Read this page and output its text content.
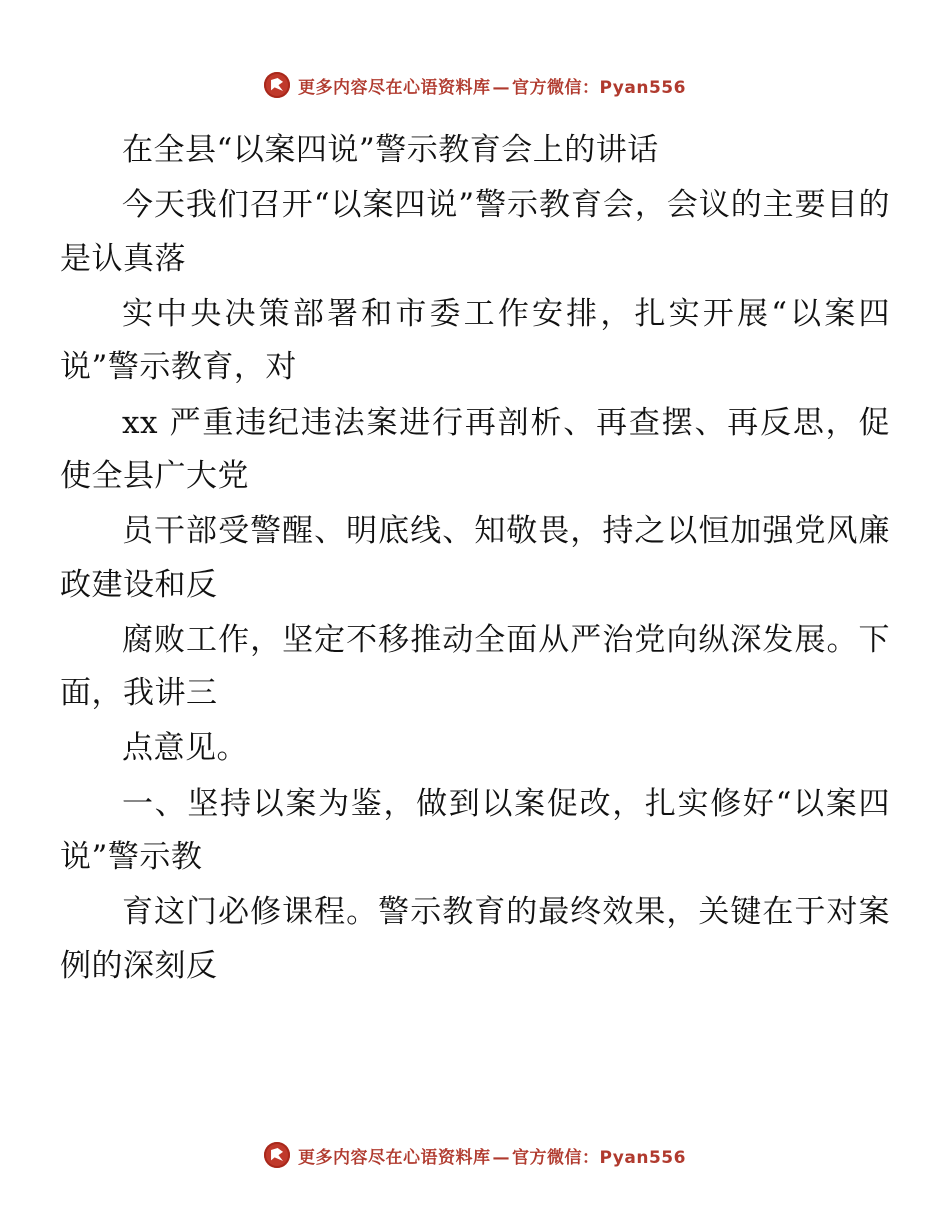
更多内容尽在心语资料库 — 官方微信：Pyan556

在全县“以案四说”警示教育会上的讲话

今天我们召开“以案四说”警示教育会，会议的主要目的是认真落

实中央决策部署和市委工作安排，扎实开展“以案四说”警示教育，对

xx 严重违纪违法案进行再剖析、再查摆、再反思，促使全县广大党

员干部受警醒、明底线、知敬畏，持之以恒加强党风廉政建设和反

腐败工作，坚定不移推动全面从严治党向纵深发展。下面，我讲三

点意见。

一、坚持以案为鉴，做到以案促改，扎实修好“以案四说”警示教

育这门必修课程。警示教育的最终效果，关键在于对案例的深刻反

更多内容尽在心语资料库 — 官方微信：Pyan556
